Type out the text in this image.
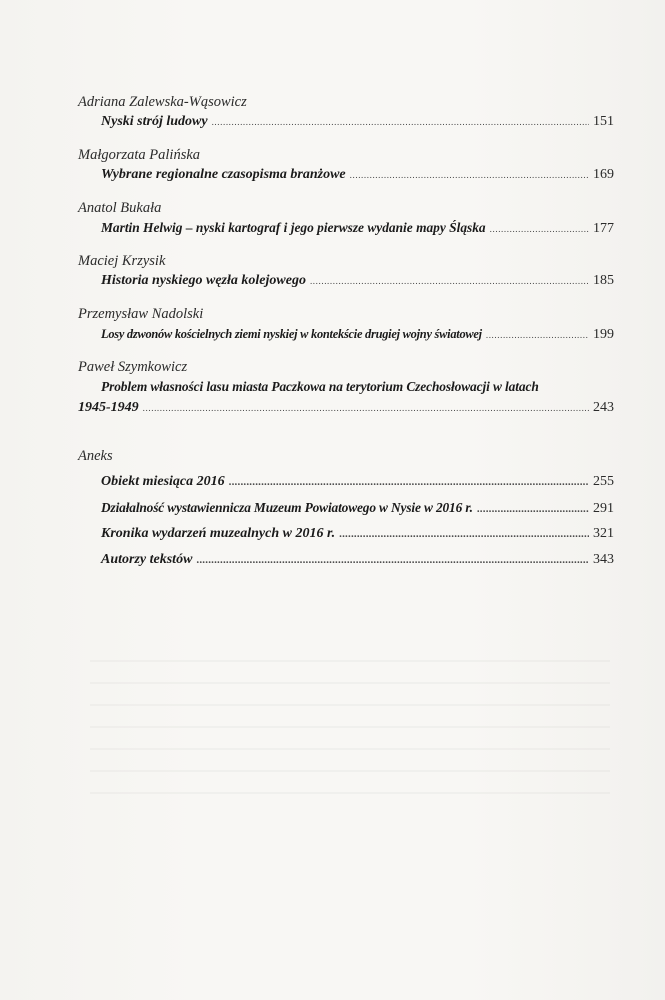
Adriana Zalewska-Wąsowicz
Nyski strój ludowy .....	151
Małgorzata Palińska
Wybrane regionalne czasopisma branżowe .....	169
Anatol Bukała
Martin Helwig – nyski kartograf i jego pierwsze wydanie mapy Śląska .....	177
Maciej Krzysik
Historia nyskiego węzła kolejowego .....	185
Przemysław Nadolski
Losy dzwonów kościelnych ziemi nyskiej w kontekście drugiej wojny światowej .....	199
Paweł Szymkowicz
Problem własności lasu miasta Paczkowa na terytorium Czechosłowacji w latach
1945-1949 .....	243
Aneks
Obiekt miesiąca 2016 .....	255
Działalność wystawiennicza Muzeum Powiatowego w Nysie w 2016 r. .....	291
Kronika wydarzeń muzealnych w 2016 r. .....	321
Autorzy tekstów .....	343
